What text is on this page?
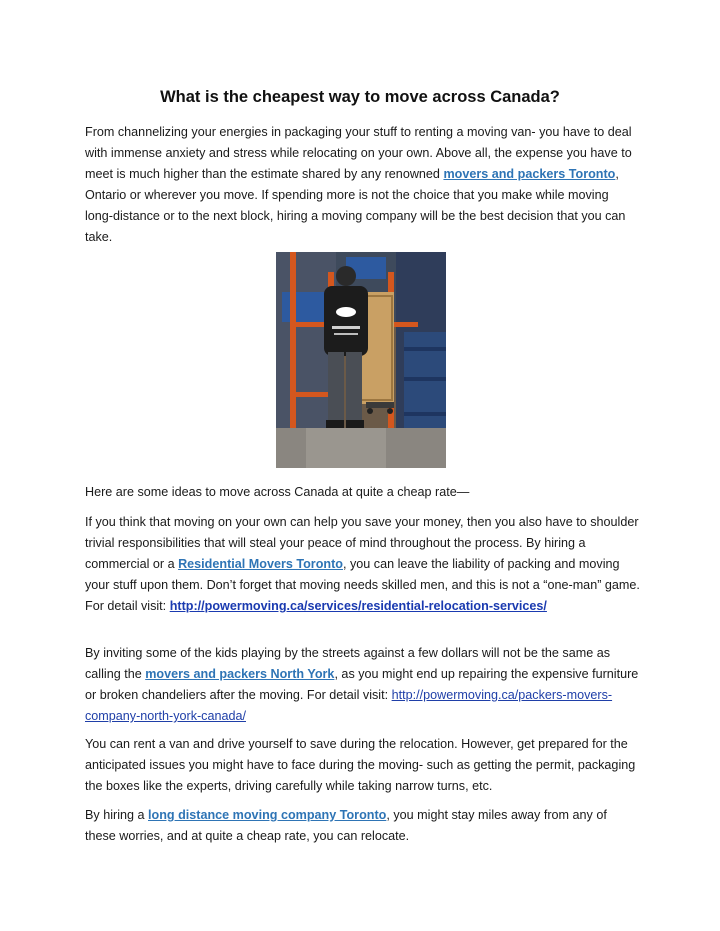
What is the cheapest way to move across Canada?

From channelizing your energies in packaging your stuff to renting a moving van- you have to deal with immense anxiety and stress while relocating on your own. Above all, the expense you have to meet is much higher than the estimate shared by any renowned movers and packers Toronto, Ontario or wherever you move. If spending more is not the choice that you make while moving long-distance or to the next block, hiring a moving company will be the best decision that you can take.

Here are some ideas to move across Canada at quite a cheap rate—

If you think that moving on your own can help you save your money, then you also have to shoulder trivial responsibilities that will steal your peace of mind throughout the process. By hiring a commercial or a Residential Movers Toronto, you can leave the liability of packing and moving your stuff upon them. Don’t forget that moving needs skilled men, and this is not a “one-man” game. For detail visit: http://powermoving.ca/services/residential-relocation-services/

By inviting some of the kids playing by the streets against a few dollars will not be the same as calling the movers and packers North York, as you might end up repairing the expensive furniture or broken chandeliers after the moving. For detail visit: http://powermoving.ca/packers-movers-company-north-york-canada/

You can rent a van and drive yourself to save during the relocation. However, get prepared for the anticipated issues you might have to face during the moving- such as getting the permit, packaging the boxes like the experts, driving carefully while taking narrow turns, etc.

By hiring a long distance moving company Toronto, you might stay miles away from any of these worries, and at quite a cheap rate, you can relocate.
